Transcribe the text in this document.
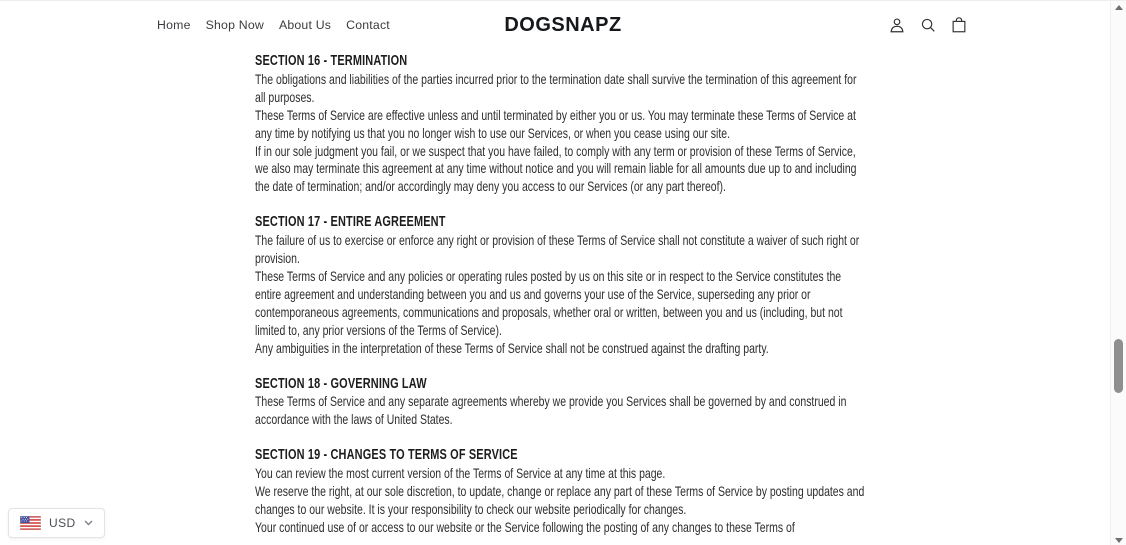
Home Shop Now About Us Contact	DOGSNAPZ
SECTION 16 - TERMINATION

The obligations and liabilities of the parties incurred prior to the termination date shall survive the termination of this agreement for all purposes.

These Terms of Service are effective unless and until terminated by either you or us. You may terminate these Terms of Service at any time by notifying us that you no longer wish to use our Services, or when you cease using our site.

If in our sole judgment you fail, or we suspect that you have failed, to comply with any term or provision of these Terms of Service, we also may terminate this agreement at any time without notice and you will remain liable for all amounts due up to and including the date of termination; and/or accordingly may deny you access to our Services (or any part thereof).

SECTION 17 - ENTIRE AGREEMENT

The failure of us to exercise or enforce any right or provision of these Terms of Service shall not constitute a waiver of such right or provision.

These Terms of Service and any policies or operating rules posted by us on this site or in respect to the Service constitutes the entire agreement and understanding between you and us and governs your use of the Service, superseding any prior or contemporaneous agreements, communications and proposals, whether oral or written, between you and us (including, but not limited to, any prior versions of the Terms of Service).

Any ambiguities in the interpretation of these Terms of Service shall not be construed against the drafting party.

SECTION 18 - GOVERNING LAW

These Terms of Service and any separate agreements whereby we provide you Services shall be governed by and construed in accordance with the laws of United States.

SECTION 19 - CHANGES TO TERMS OF SERVICE

You can review the most current version of the Terms of Service at any time at this page.

We reserve the right, at our sole discretion, to update, change or replace any part of these Terms of Service by posting updates and changes to our website. It is your responsibility to check our website periodically for changes.

Your continued use of or access to our website or the Service following the posting of any changes to these Terms of

USD
